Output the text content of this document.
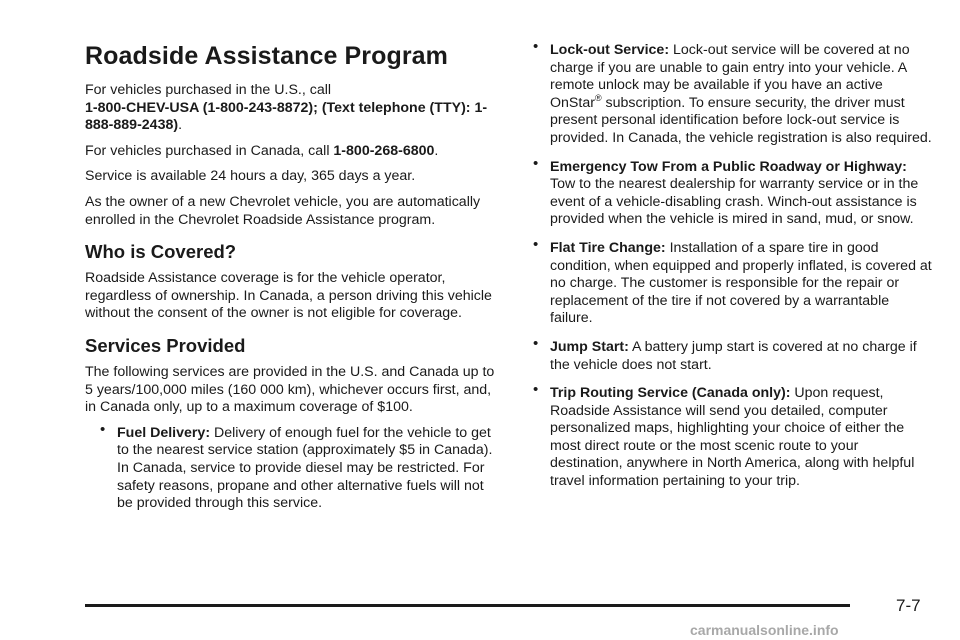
Roadside Assistance Program

For vehicles purchased in the U.S., call
1-800-CHEV-USA (1-800-243-8872); (Text telephone (TTY): 1-888-889-2438).

For vehicles purchased in Canada, call 1-800-268-6800.

Service is available 24 hours a day, 365 days a year.

As the owner of a new Chevrolet vehicle, you are automatically enrolled in the Chevrolet Roadside Assistance program.

Who is Covered?

Roadside Assistance coverage is for the vehicle operator, regardless of ownership. In Canada, a person driving this vehicle without the consent of the owner is not eligible for coverage.

Services Provided

The following services are provided in the U.S. and Canada up to 5 years/100,000 miles (160 000 km), whichever occurs first, and, in Canada only, up to a maximum coverage of $100.

• Fuel Delivery: Delivery of enough fuel for the vehicle to get to the nearest service station (approximately $5 in Canada). In Canada, service to provide diesel may be restricted. For safety reasons, propane and other alternative fuels will not be provided through this service.
• Lock-out Service: Lock-out service will be covered at no charge if you are unable to gain entry into your vehicle. A remote unlock may be available if you have an active OnStar® subscription. To ensure security, the driver must present personal identification before lock-out service is provided. In Canada, the vehicle registration is also required.
• Emergency Tow From a Public Roadway or Highway: Tow to the nearest dealership for warranty service or in the event of a vehicle-disabling crash. Winch-out assistance is provided when the vehicle is mired in sand, mud, or snow.
• Flat Tire Change: Installation of a spare tire in good condition, when equipped and properly inflated, is covered at no charge. The customer is responsible for the repair or replacement of the tire if not covered by a warrantable failure.
• Jump Start: A battery jump start is covered at no charge if the vehicle does not start.
• Trip Routing Service (Canada only): Upon request, Roadside Assistance will send you detailed, computer personalized maps, highlighting your choice of either the most direct route or the most scenic route to your destination, anywhere in North America, along with helpful travel information pertaining to your trip.
7-7
carmanualsonline.info
